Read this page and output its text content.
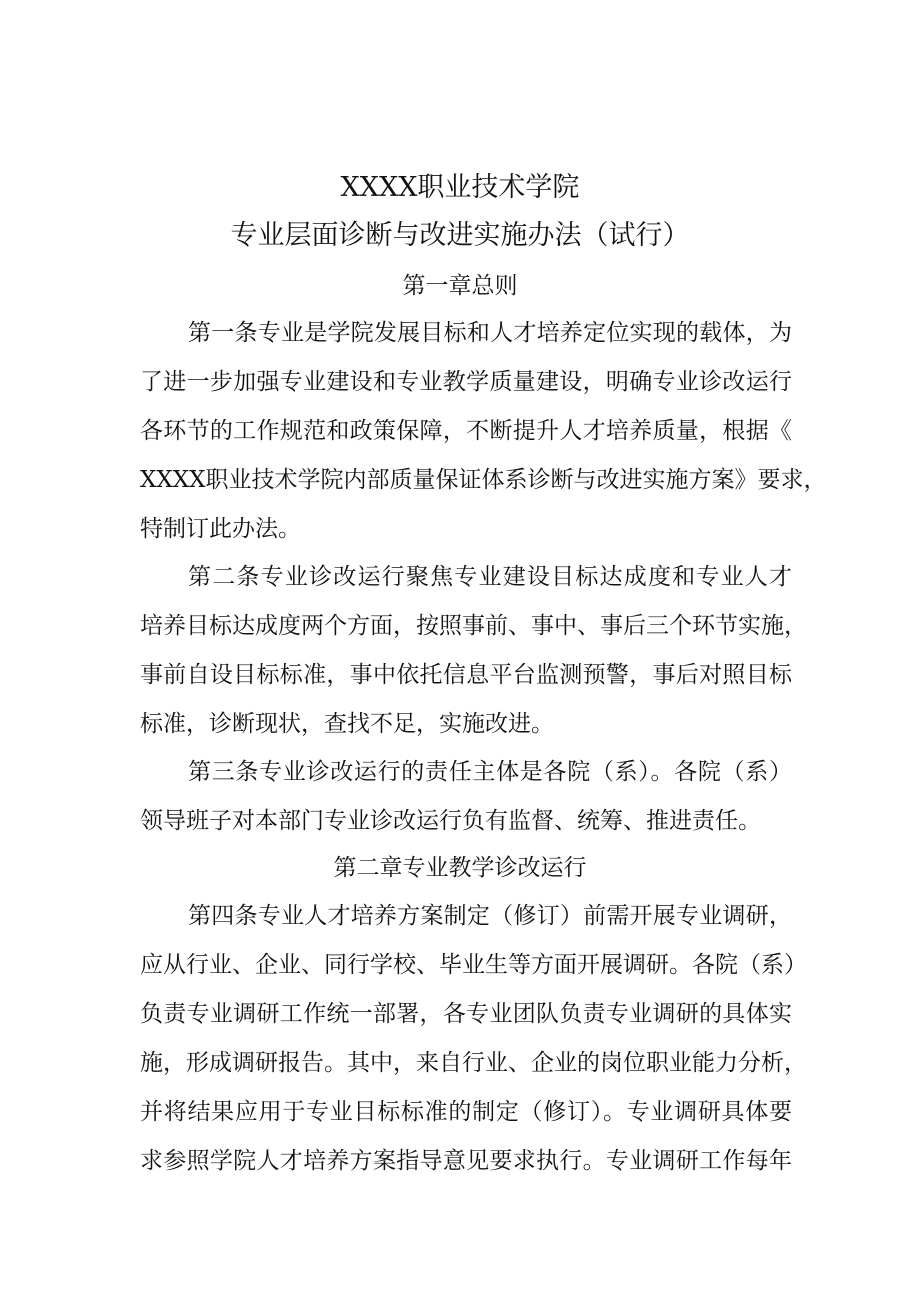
XXXX职业技术学院
专业层面诊断与改进实施办法（试行）
第一章总则
第一条专业是学院发展目标和人才培养定位实现的载体，为
了进一步加强专业建设和专业教学质量建设，明确专业诊改运行
各环节的工作规范和政策保障，不断提升人才培养质量，根据《
XXXX职业技术学院内部质量保证体系诊断与改进实施方案》要求，
特制订此办法。
第二条专业诊改运行聚焦专业建设目标达成度和专业人才
培养目标达成度两个方面，按照事前、事中、事后三个环节实施，
事前自设目标标准，事中依托信息平台监测预警，事后对照目标
标准，诊断现状，查找不足，实施改进。
第三条专业诊改运行的责任主体是各院（系）。各院（系）
领导班子对本部门专业诊改运行负有监督、统筹、推进责任。
第二章专业教学诊改运行
第四条专业人才培养方案制定（修订）前需开展专业调研，
应从行业、企业、同行学校、毕业生等方面开展调研。各院（系）
负责专业调研工作统一部署，各专业团队负责专业调研的具体实
施，形成调研报告。其中，来自行业、企业的岗位职业能力分析，
并将结果应用于专业目标标准的制定（修订）。专业调研具体要
求参照学院人才培养方案指导意见要求执行。专业调研工作每年
